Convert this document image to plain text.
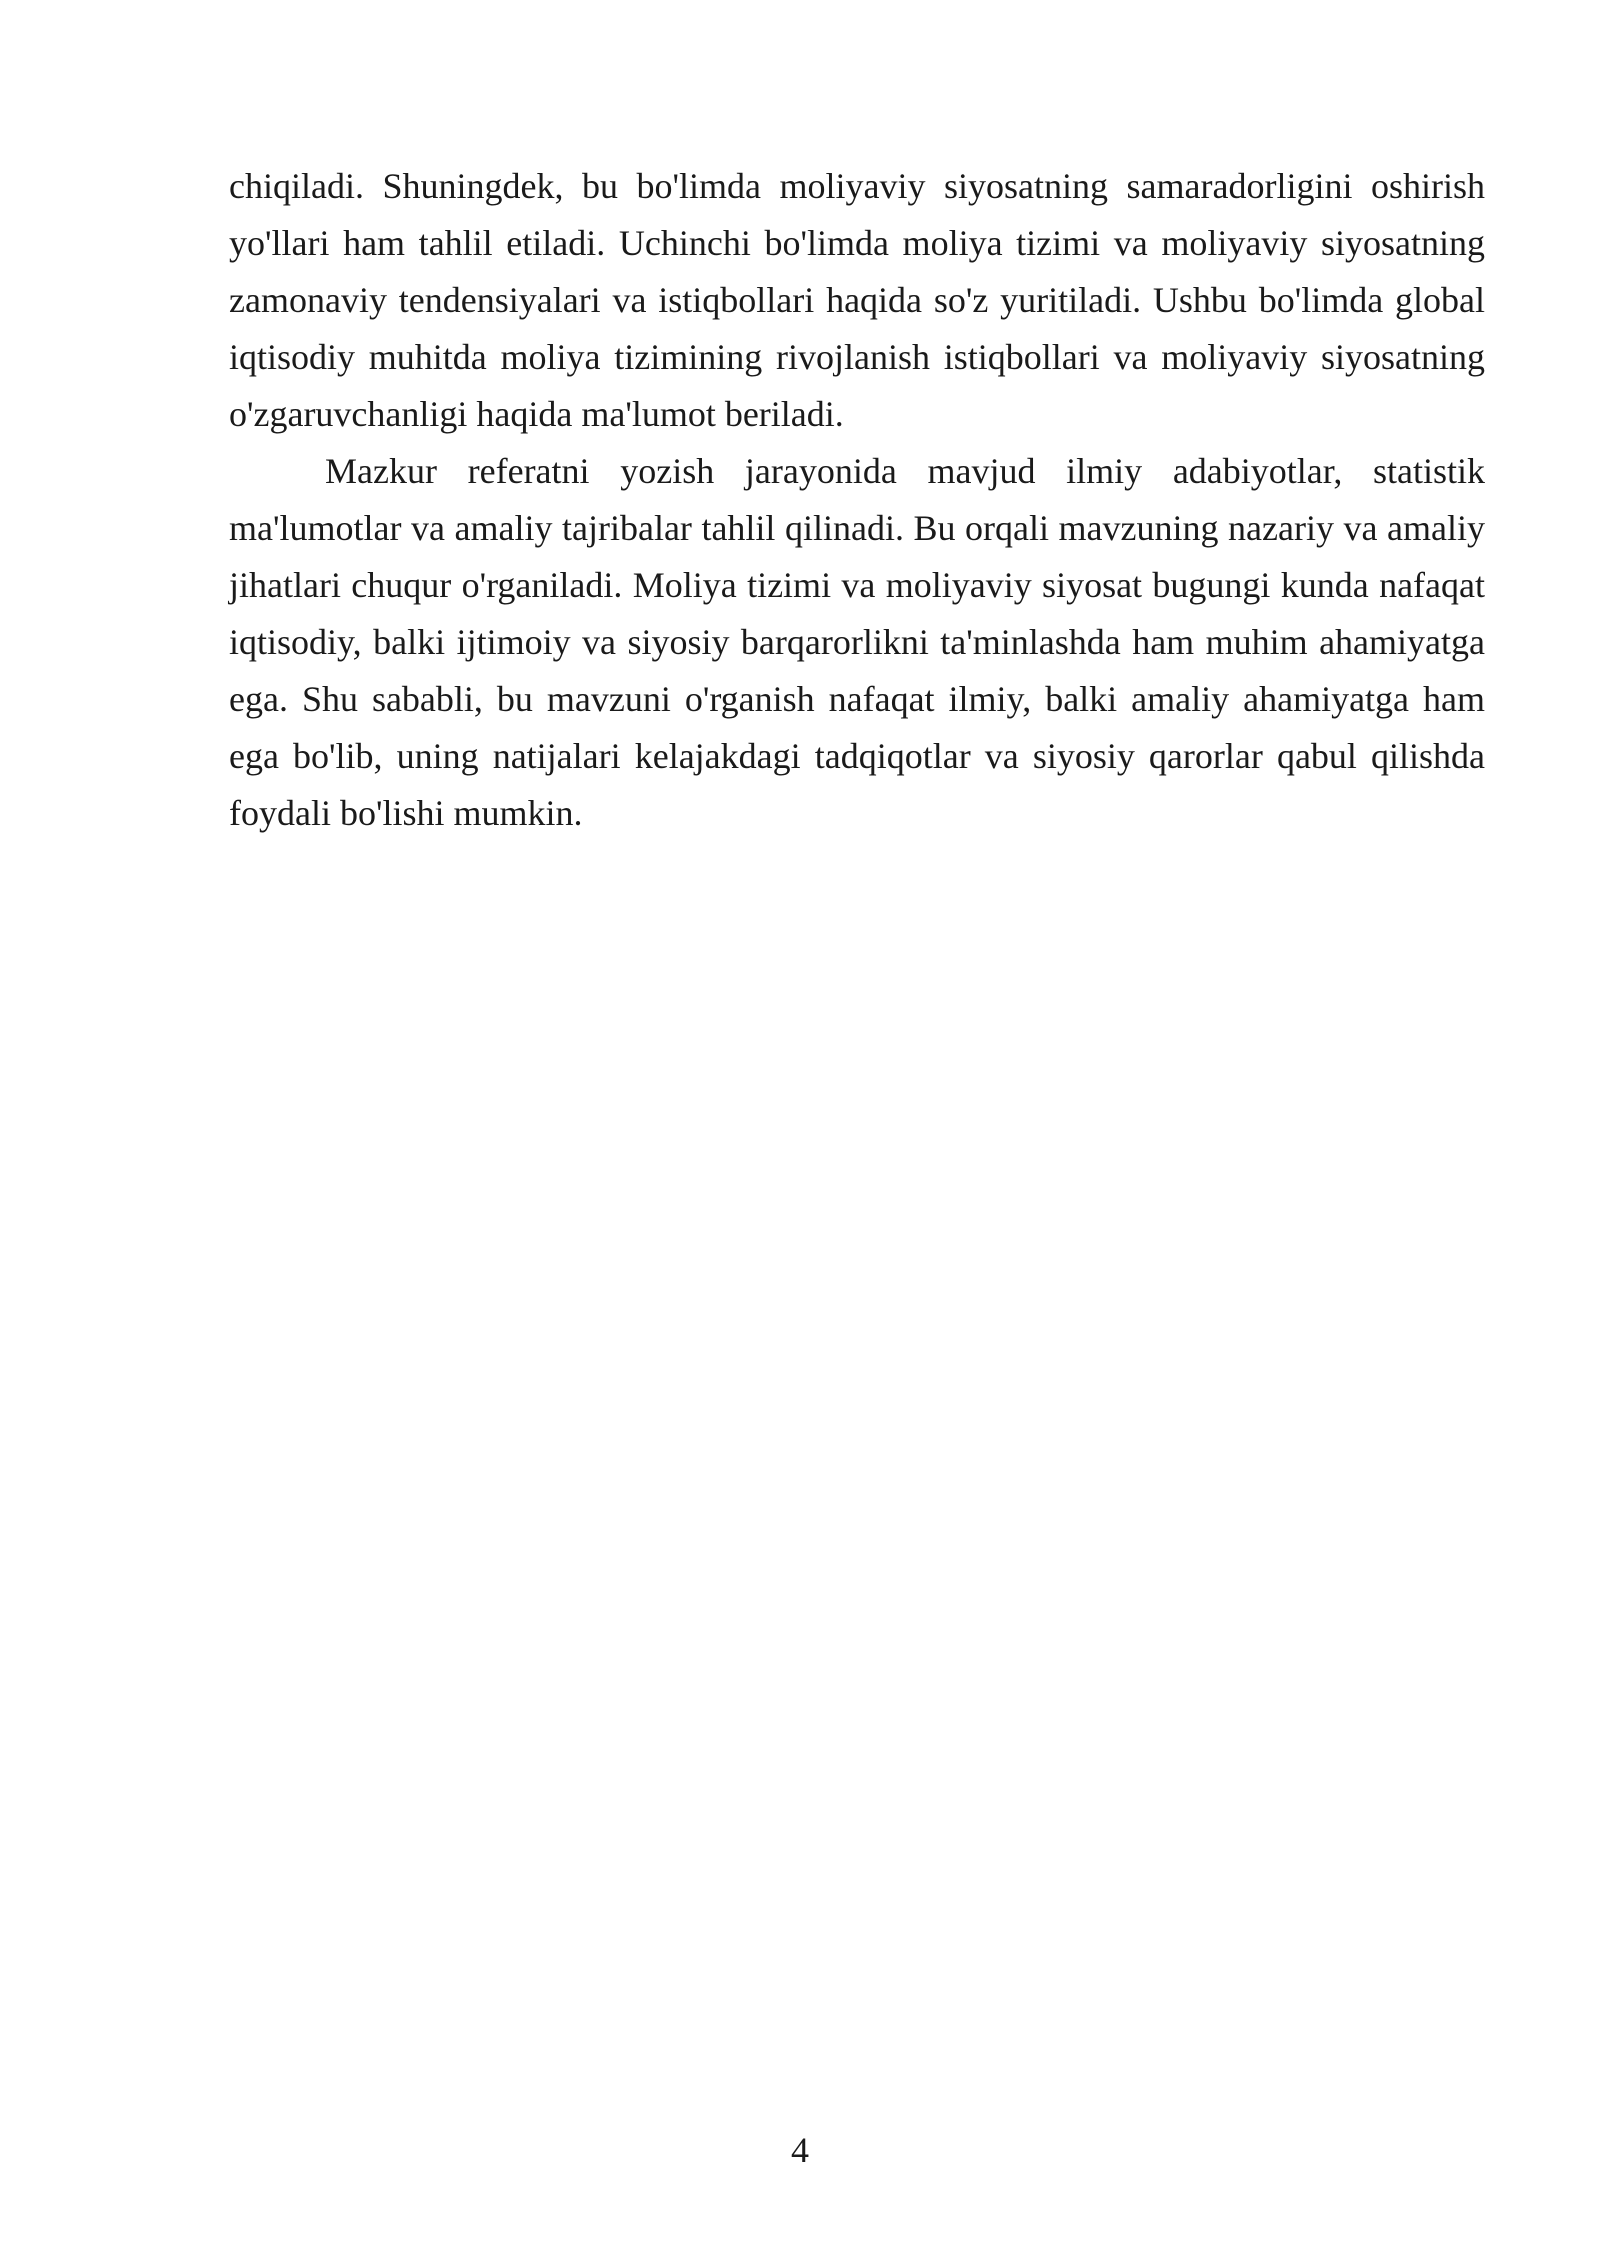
chiqiladi. Shuningdek, bu bo'limda moliyaviy siyosatning samaradorligini oshirish yo'llari ham tahlil etiladi. Uchinchi bo'limda moliya tizimi va moliyaviy siyosatning zamonaviy tendensiyalari va istiqbollari haqida so'z yuritiladi. Ushbu bo'limda global iqtisodiy muhitda moliya tizimining rivojlanish istiqbollari va moliyaviy siyosatning o'zgaruvchanligi haqida ma'lumot beriladi.

Mazkur referatni yozish jarayonida mavjud ilmiy adabiyotlar, statistik ma'lumotlar va amaliy tajribalar tahlil qilinadi. Bu orqali mavzuning nazariy va amaliy jihatlari chuqur o'rganiladi. Moliya tizimi va moliyaviy siyosat bugungi kunda nafaqat iqtisodiy, balki ijtimoiy va siyosiy barqarorlikni ta'minlashda ham muhim ahamiyatga ega. Shu sababli, bu mavzuni o'rganish nafaqat ilmiy, balki amaliy ahamiyatga ham ega bo'lib, uning natijalari kelajakdagi tadqiqotlar va siyosiy qarorlar qabul qilishda foydali bo'lishi mumkin.

4
